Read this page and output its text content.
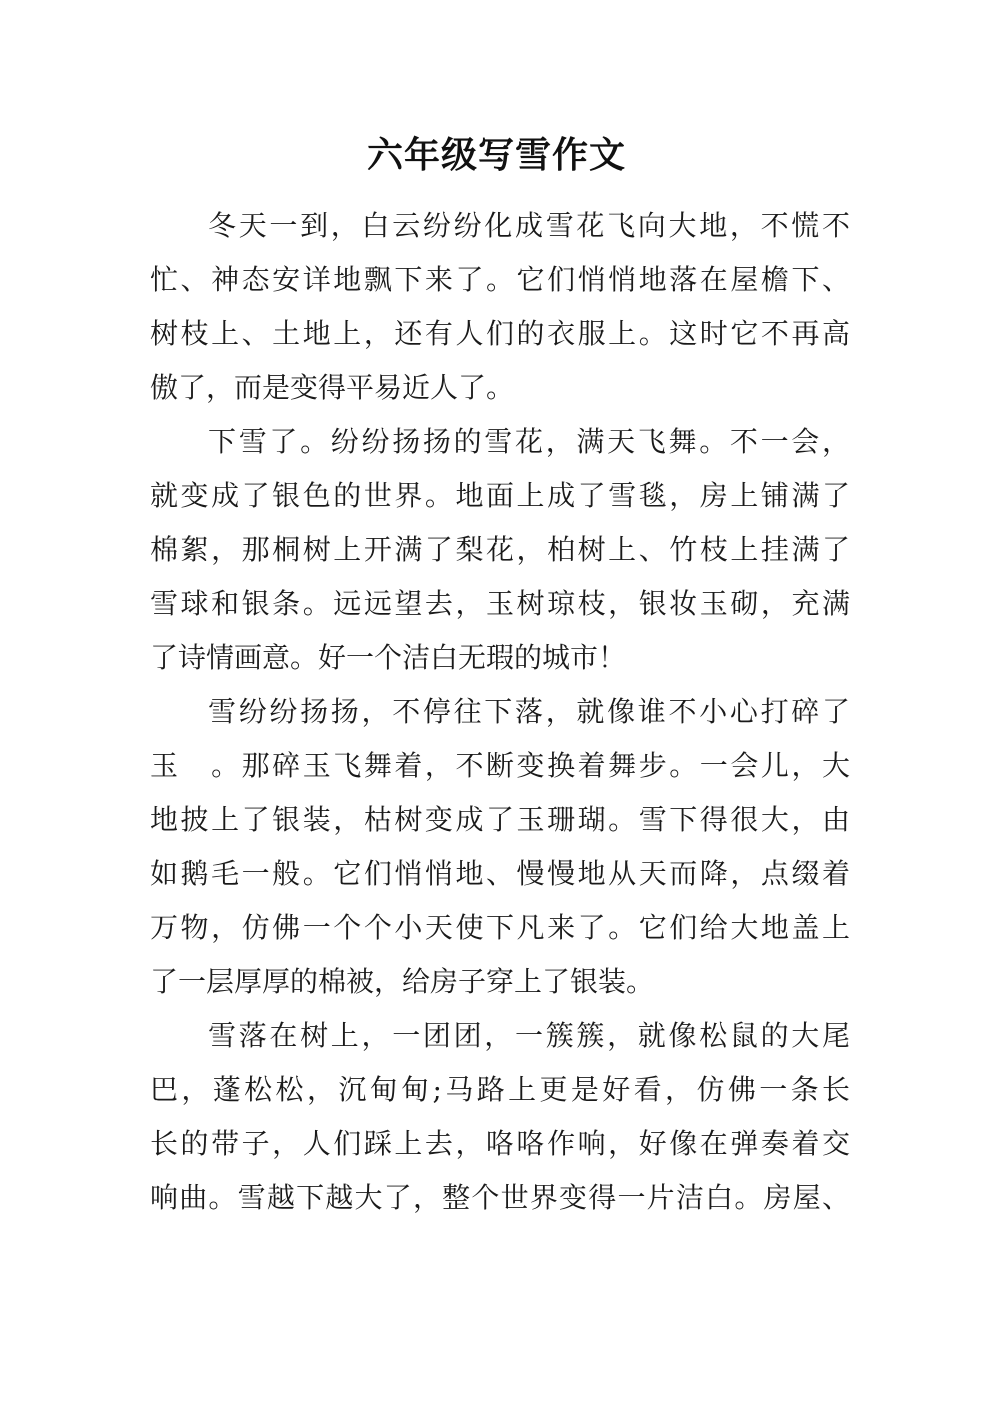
六年级写雪作文
冬天一到，白云纷纷化成雪花飞向大地，不慌不
忙、神态安详地飘下来了。它们悄悄地落在屋檐下、
树枝上、土地上，还有人们的衣服上。这时它不再高
傲了，而是变得平易近人了。
下雪了。纷纷扬扬的雪花，满天飞舞。不一会，
就变成了银色的世界。地面上成了雪毯，房上铺满了
棉絮，那桐树上开满了梨花，柏树上、竹枝上挂满了
雪球和银条。远远望去，玉树琼枝，银妆玉砌，充满
了诗情画意。好一个洁白无瑕的城市！
雪纷纷扬扬，不停往下落，就像谁不小心打碎了
玉　。那碎玉飞舞着，不断变换着舞步。一会儿，大
地披上了银装，枯树变成了玉珊瑚。雪下得很大，由
如鹅毛一般。它们悄悄地、慢慢地从天而降，点缀着
万物，仿佛一个个小天使下凡来了。它们给大地盖上
了一层厚厚的棉被，给房子穿上了银装。
雪落在树上，一团团，一簇簇，就像松鼠的大尾
巴，蓬松松，沉甸甸;马路上更是好看，仿佛一条长
长的带子，人们踩上去，咯咯作响，好像在弹奏着交
响曲。雪越下越大了，整个世界变得一片洁白。房屋、
